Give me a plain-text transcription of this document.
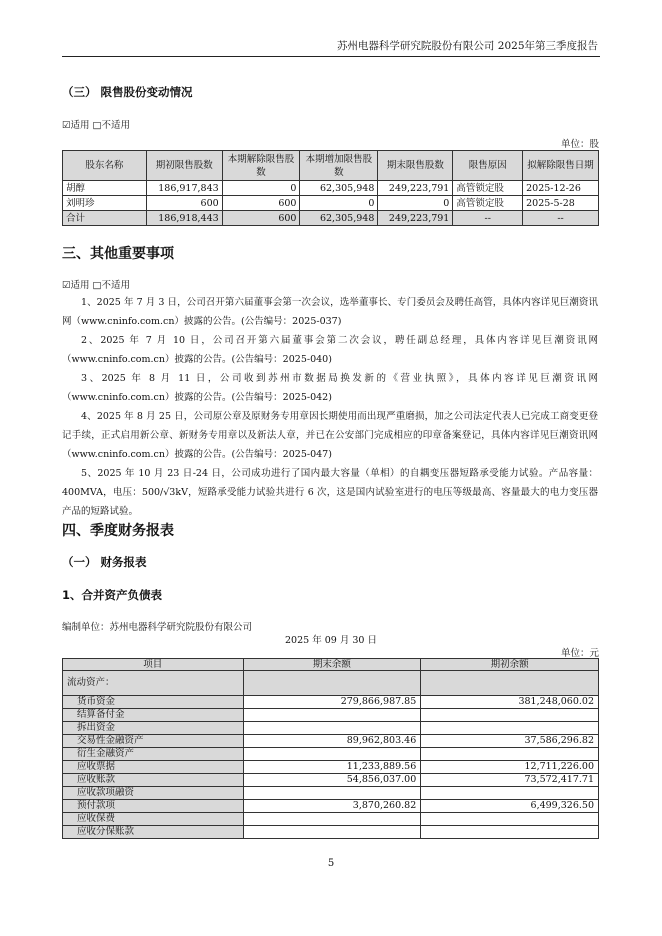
苏州电器科学研究院股份有限公司 2025年第三季度报告
（三） 限售股份变动情况
☑适用 □不适用
单位：股
股东名称	期初限售股数	本期解除限售股数	本期增加限售股数	期末限售股数	限售原因	拟解除限售日期
胡醇	186,917,843	0	62,305,948	249,223,791	高管锁定股	2025-12-26
刘明珍	600	600	0	0	高管锁定股	2025-5-28
合计	186,918,443	600	62,305,948	249,223,791	--	--
三、其他重要事项
☑适用 □不适用

1、2025 年 7 月 3 日，公司召开第六届董事会第一次会议，选举董事长、专门委员会及聘任高管，具体内容详见巨潮资讯网（www.cninfo.com.cn）披露的公告。(公告编号：2025-037)

2、2025 年 7 月 10 日，公司召开第六届董事会第二次会议，聘任副总经理，具体内容详见巨潮资讯网（www.cninfo.com.cn）披露的公告。(公告编号：2025-040)

3、2025 年 8 月 11 日，公司收到苏州市数据局换发新的《营业执照》，具体内容详见巨潮资讯网（www.cninfo.com.cn）披露的公告。(公告编号：2025-042)

4、2025 年 8 月 25 日，公司原公章及原财务专用章因长期使用而出现严重磨损，加之公司法定代表人已完成工商变更登记手续，正式启用新公章、新财务专用章以及新法人章，并已在公安部门完成相应的印章备案登记，具体内容详见巨潮资讯网（www.cninfo.com.cn）披露的公告。(公告编号：2025-047)

5、2025 年 10 月 23 日-24 日，公司成功进行了国内最大容量（单相）的自耦变压器短路承受能力试验。产品容量：400MVA，电压：500/√3kV，短路承受能力试验共进行 6 次，这是国内试验室进行的电压等级最高、容量最大的电力变压器产品的短路试验。

四、季度财务报表
（一） 财务报表
1、合并资产负债表
编制单位：苏州电器科学研究院股份有限公司
2025 年 09 月 30 日
单位：元
项目	期末余额	期初余额
流动资产：		
货币资金	279,866,987.85	381,248,060.02
结算备付金		
拆出资金		
交易性金融资产	89,962,803.46	37,586,296.82
衍生金融资产		
应收票据	11,233,889.56	12,711,226.00
应收账款	54,856,037.00	73,572,417.71
应收款项融资		
预付款项	3,870,260.82	6,499,326.50
应收保费		
应收分保账款		
5
